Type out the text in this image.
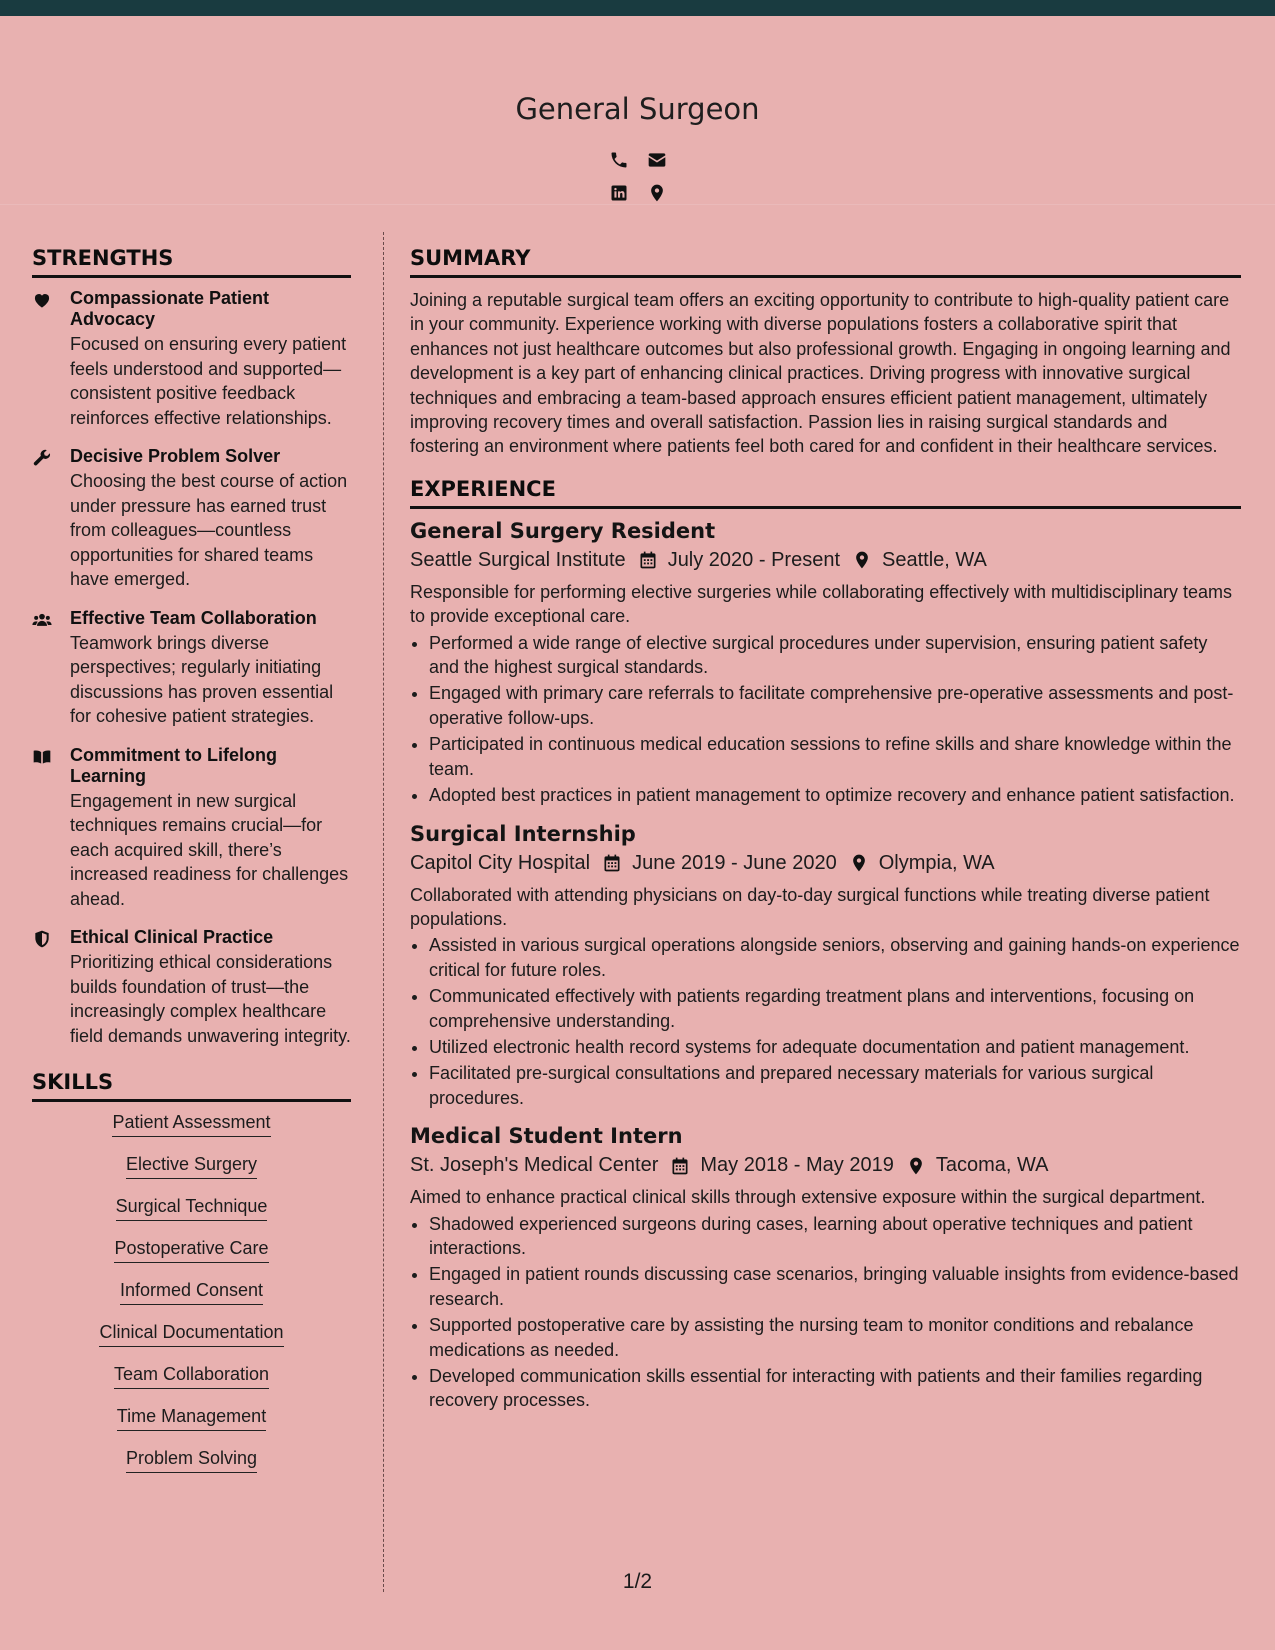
General Surgeon
STRENGTHS
Compassionate Patient Advocacy
Focused on ensuring every patient feels understood and supported—consistent positive feedback reinforces effective relationships.
Decisive Problem Solver
Choosing the best course of action under pressure has earned trust from colleagues—countless opportunities for shared teams have emerged.
Effective Team Collaboration
Teamwork brings diverse perspectives; regularly initiating discussions has proven essential for cohesive patient strategies.
Commitment to Lifelong Learning
Engagement in new surgical techniques remains crucial—for each acquired skill, there’s increased readiness for challenges ahead.
Ethical Clinical Practice
Prioritizing ethical considerations builds foundation of trust—the increasingly complex healthcare field demands unwavering integrity.
SKILLS
Patient Assessment
Elective Surgery
Surgical Technique
Postoperative Care
Informed Consent
Clinical Documentation
Team Collaboration
Time Management
Problem Solving
SUMMARY

Joining a reputable surgical team offers an exciting opportunity to contribute to high-quality patient care in your community. Experience working with diverse populations fosters a collaborative spirit that enhances not just healthcare outcomes but also professional growth. Engaging in ongoing learning and development is a key part of enhancing clinical practices. Driving progress with innovative surgical techniques and embracing a team-based approach ensures efficient patient management, ultimately improving recovery times and overall satisfaction. Passion lies in raising surgical standards and fostering an environment where patients feel both cared for and confident in their healthcare services.

EXPERIENCE
General Surgery Resident
Seattle Surgical Institute July 2020 - Present Seattle, WA

Responsible for performing elective surgeries while collaborating effectively with multidisciplinary teams to provide exceptional care.

• Performed a wide range of elective surgical procedures under supervision, ensuring patient safety and the highest surgical standards.
• Engaged with primary care referrals to facilitate comprehensive pre-operative assessments and post-operative follow-ups.
• Participated in continuous medical education sessions to refine skills and share knowledge within the team.
• Adopted best practices in patient management to optimize recovery and enhance patient satisfaction.
Surgical Internship
Capitol City Hospital June 2019 - June 2020 Olympia, WA

Collaborated with attending physicians on day-to-day surgical functions while treating diverse patient populations.

• Assisted in various surgical operations alongside seniors, observing and gaining hands-on experience critical for future roles.
• Communicated effectively with patients regarding treatment plans and interventions, focusing on comprehensive understanding.
• Utilized electronic health record systems for adequate documentation and patient management.
• Facilitated pre-surgical consultations and prepared necessary materials for various surgical procedures.
Medical Student Intern
St. Joseph's Medical Center May 2018 - May 2019 Tacoma, WA

Aimed to enhance practical clinical skills through extensive exposure within the surgical department.

• Shadowed experienced surgeons during cases, learning about operative techniques and patient interactions.
• Engaged in patient rounds discussing case scenarios, bringing valuable insights from evidence-based research.
• Supported postoperative care by assisting the nursing team to monitor conditions and rebalance medications as needed.
• Developed communication skills essential for interacting with patients and their families regarding recovery processes.
1/2
